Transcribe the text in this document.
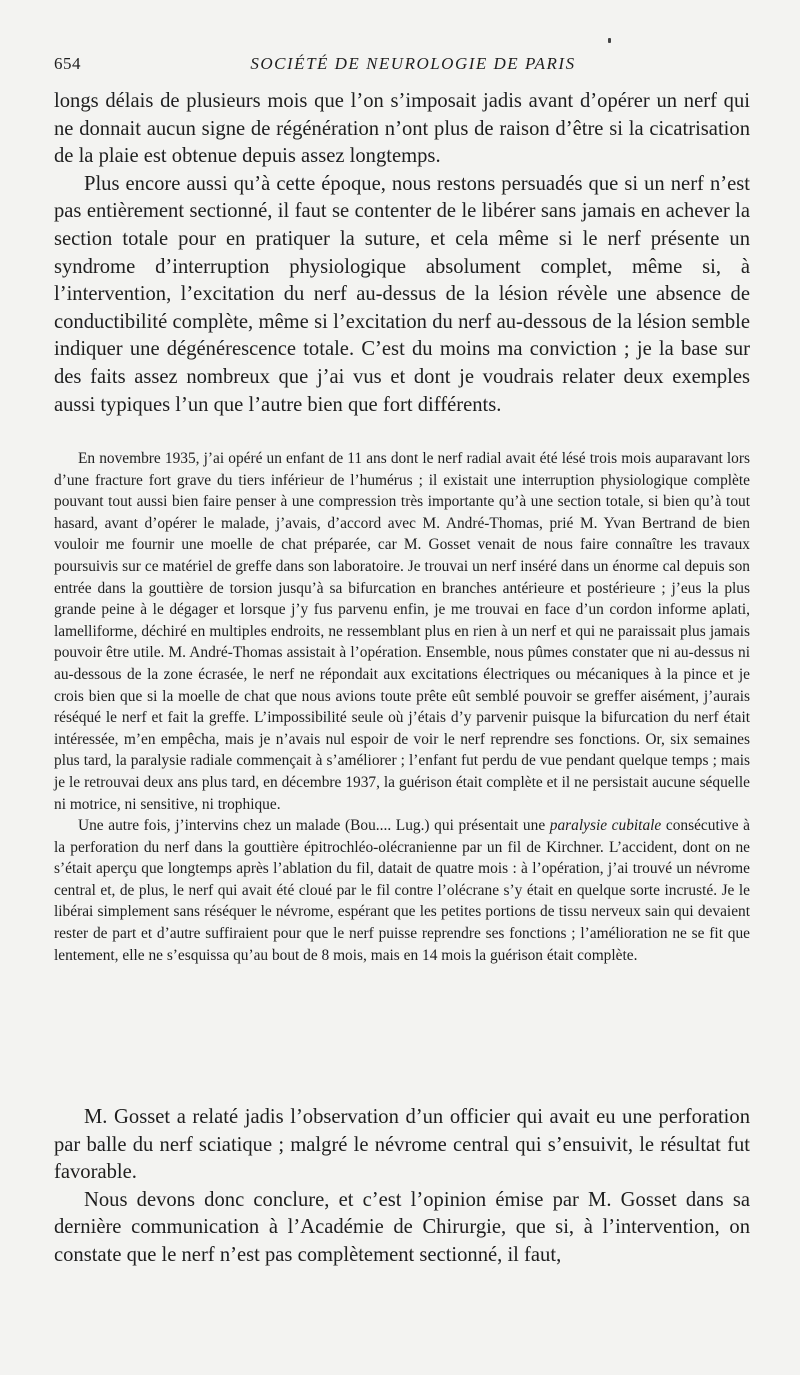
654	SOCIÉTÉ DE NEUROLOGIE DE PARIS

longs délais de plusieurs mois que l’on s’imposait jadis avant d’opérer un nerf qui ne donnait aucun signe de régénération n’ont plus de raison d’être si la cicatrisation de la plaie est obtenue depuis assez longtemps.

Plus encore aussi qu’à cette époque, nous restons persuadés que si un nerf n’est pas entièrement sectionné, il faut se contenter de le libérer sans jamais en achever la section totale pour en pratiquer la suture, et cela même si le nerf présente un syndrome d’interruption physiologique absolument complet, même si, à l’intervention, l’excitation du nerf au-dessus de la lésion révèle une absence de conductibilité complète, même si l’excitation du nerf au-dessous de la lésion semble indiquer une dégénérescence totale. C’est du moins ma conviction ; je la base sur des faits assez nombreux que j’ai vus et dont je voudrais relater deux exemples aussi typiques l’un que l’autre bien que fort différents.

En novembre 1935, j’ai opéré un enfant de 11 ans dont le nerf radial avait été lésé trois mois auparavant lors d’une fracture fort grave du tiers inférieur de l’humérus ; il existait une interruption physiologique complète pouvant tout aussi bien faire penser à une compression très importante qu’à une section totale, si bien qu’à tout hasard, avant d’opérer le malade, j’avais, d’accord avec M. André-Thomas, prié M. Yvan Bertrand de bien vouloir me fournir une moelle de chat préparée, car M. Gosset venait de nous faire connaître les travaux poursuivis sur ce matériel de greffe dans son laboratoire. Je trouvai un nerf inséré dans un énorme cal depuis son entrée dans la gouttière de torsion jusqu’à sa bifurcation en branches antérieure et postérieure ; j’eus la plus grande peine à le dégager et lorsque j’y fus parvenu enfin, je me trouvai en face d’un cordon informe aplati, lamelliforme, déchiré en multiples endroits, ne ressemblant plus en rien à un nerf et qui ne paraissait plus jamais pouvoir être utile. M. André-Thomas assistait à l’opération. Ensemble, nous pûmes constater que ni au-dessus ni au-dessous de la zone écrasée, le nerf ne répondait aux excitations électriques ou mécaniques à la pince et je crois bien que si la moelle de chat que nous avions toute prête eût semblé pouvoir se greffer aisément, j’aurais réséqué le nerf et fait la greffe. L’impossibilité seule où j’étais d’y parvenir puisque la bifurcation du nerf était intéressée, m’en empêcha, mais je n’avais nul espoir de voir le nerf reprendre ses fonctions. Or, six semaines plus tard, la paralysie radiale commençait à s’améliorer ; l’enfant fut perdu de vue pendant quelque temps ; mais je le retrouvai deux ans plus tard, en décembre 1937, la guérison était complète et il ne persistait aucune séquelle ni motrice, ni sensitive, ni trophique.

Une autre fois, j’intervins chez un malade (Bou.... Lug.) qui présentait une paralysie cubitale consécutive à la perforation du nerf dans la gouttière épitrochléo-olécranienne par un fil de Kirchner. L’accident, dont on ne s’était aperçu que longtemps après l’ablation du fil, datait de quatre mois : à l’opération, j’ai trouvé un névrome central et, de plus, le nerf qui avait été cloué par le fil contre l’olécrane s’y était en quelque sorte incrusté. Je le libérai simplement sans réséquer le névrome, espérant que les petites portions de tissu nerveux sain qui devaient rester de part et d’autre suffiraient pour que le nerf puisse reprendre ses fonctions ; l’amélioration ne se fit que lentement, elle ne s’esquissa qu’au bout de 8 mois, mais en 14 mois la guérison était complète.

M. Gosset a relaté jadis l’observation d’un officier qui avait eu une perforation par balle du nerf sciatique ; malgré le névrome central qui s’ensuivit, le résultat fut favorable.

Nous devons donc conclure, et c’est l’opinion émise par M. Gosset dans sa dernière communication à l’Académie de Chirurgie, que si, à l’intervention, on constate que le nerf n’est pas complètement sectionné, il faut,
